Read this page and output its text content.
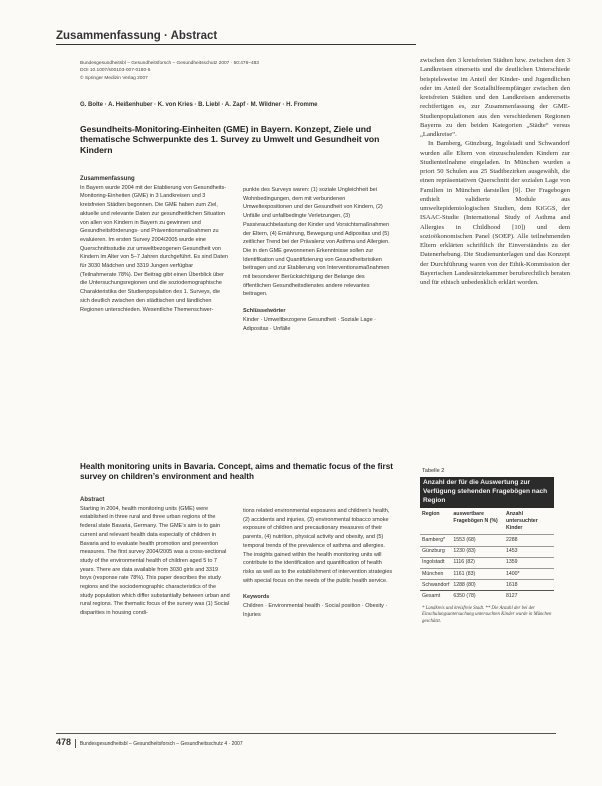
Zusammenfassung · Abstract
Bundesgesundheitsbl – Gesundheitsforsch – Gesundheitsschutz 2007 · 50:476–483
DOI 10.1007/s00103-007-0180-5
© Springer Medizin Verlag 2007
G. Bolte · A. Heißenhuber · K. von Kries · B. Liebl · A. Zapf · M. Wildner · H. Fromme
Gesundheits-Monitoring-Einheiten (GME) in Bayern. Konzept, Ziele und thematische Schwerpunkte des 1. Survey zu Umwelt und Gesundheit von Kindern
Zusammenfassung

In Bayern wurde 2004 mit der Etablierung von Gesundheits-Monitoring-Einheiten (GME) in 3 Landkreisen und 3 kreisfreien Städten begonnen. Die GME haben zum Ziel, aktuelle und relevante Daten zur gesundheitlichen Situation von allen von Kindern in Bayern zu gewinnen und Gesundheitsförderungs- und Präventionsmaßnahmen zu evaluieren. Im ersten Survey 2004/2005 wurde eine Querschnittsstudie zur umweltbezogenen Gesundheit von Kindern im Alter von 5–7 Jahren durchgeführt. Es sind Daten für 3030 Mädchen und 3319 Jungen verfügbar (Teilnahmerate 78%). Der Beitrag gibt einen Überblick über die Untersuchungsregionen und die soziodemographische Charakteristika der Studienpopulation des 1. Surveys, die sich deutlich zwischen den städtischen und ländlichen Regionen unterschieden. Wesentliche Themenschwer-

punkte des Surveys waren: (1) soziale Ungleichheit bei Wohnbedingungen, dem mit verbundenen Umweltexpositionen und der Gesundheit von Kindern, (2) Unfälle und unfallbedingte Verletzungen, (3) Passivrauchbelastung der Kinder und Vorsichtsmaßnahmen der Eltern, (4) Ernährung, Bewegung und Adipositas und (5) zeitlicher Trend bei der Prävalenz von Asthma und Allergien. Die in den GME gewonnenen Erkenntnisse sollen zur Identifikation und Quantifizierung von Gesundheitsrisiken beitragen und zur Etablierung von Interventionsmaßnahmen mit besonderer Berücksichtigung der Belange des öffentlichen Gesundheitsdienstes andere relevantes beitragen.

Schlüsselwörter

Kinder · Umweltbezogene Gesundheit · Soziale Lage · Adipositas · Unfälle

zwischen den 3 kreisfreien Städten bzw. zwischen den 3 Landkreisen einerseits und die deutlichen Unterschiede beispielsweise im Anteil der Kinder- und Jugendlichen oder im Anteil der Sozialhilfeempfänger zwischen den kreisfreien Städten und den Landkreisen andererseits rechtfertigen es, zur Zusammenfassung der GME-Studienpopulationen aus den verschiedenen Regionen Bayerns zu den beiden Kategorien „Städte“ versus „Landkreise“.

In Bamberg, Günzburg, Ingolstadt und Schwandorf wurden alle Eltern von einzuschulenden Kindern zur Studienteilnahme eingeladen. In München wurden a priori 50 Schulen aus 25 Stadtbezirken ausgewählt, die einen repräsentativen Querschnitt der sozialen Lage von Familien in München darstellen [9]. Der Fragebogen enthielt validierte Module aus umweltepidemiologischen Studien, dem KiGGS, der ISAAC-Studie (International Study of Asthma and Allergies in Childhood [10]) und dem sozioökonomischen Panel (SOEP). Alle teilnehmenden Eltern erklärten schriftlich ihr Einverständnis zu der Datenerhebung. Die Studienunterlagen und das Konzept der Durchführung waren von der Ethik-Kommission der Bayerischen Landesärztekammer berufsrechtlich beraten und für ethisch unbedenklich erklärt worden.

Health monitoring units in Bavaria. Concept, aims and thematic focus of the first survey on children’s environment and health
Abstract

Starting in 2004, health monitoring units (GME) were established in three rural and three urban regions of the federal state Bavaria, Germany. The GME’s aim is to gain current and relevant health data especially of children in Bavaria and to evaluate health promotion and prevention measures. The first survey 2004/2005 was a cross-sectional study of the environmental health of children aged 5 to 7 years. There are data available from 3030 girls and 3319 boys (response rate 78%). This paper describes the study regions and the sociodemographic characteristics of the study population which differ substantially between urban and rural regions. The thematic focus of the survey was (1) Social disparities in housing condi-

tions related environmental exposures and children’s health, (2) accidents and injuries, (3) environmental tobacco smoke exposure of children and precautionary measures of their parents, (4) nutrition, physical activity and obesity, and (5) temporal trends of the prevalence of asthma and allergies. The insights gained within the health monitoring units will contribute to the identification and quantification of health risks as well as to the establishment of intervention strategies with special focus on the needs of the public health service.

Keywords

Children · Environmental health · Social position · Obesity · Injuries

Tabelle 2
Anzahl der für die Auswertung zur Verfügung stehenden Fragebögen nach Region
Region	auswertbare Fragebögen N (%)	Anzahl untersuchter Kinder
Bamberg*	1553 (68)	2288
Günzburg	1230 (83)	1453
Ingolstadt	1116 (82)	1359
München	1161 (83)	1400*
Schwandorf	1288 (80)	1618
Gesamt	6350 (78)	8127
* Landkreis und kreisfreie Stadt. ** Die Anzahl der bei der Einschulungsuntersuchung untersuchten Kinder wurde in München geschätzt.
478 Bundesgesundheitsbl – Gesundheitsforsch – Gesundheitsschutz 4 · 2007
